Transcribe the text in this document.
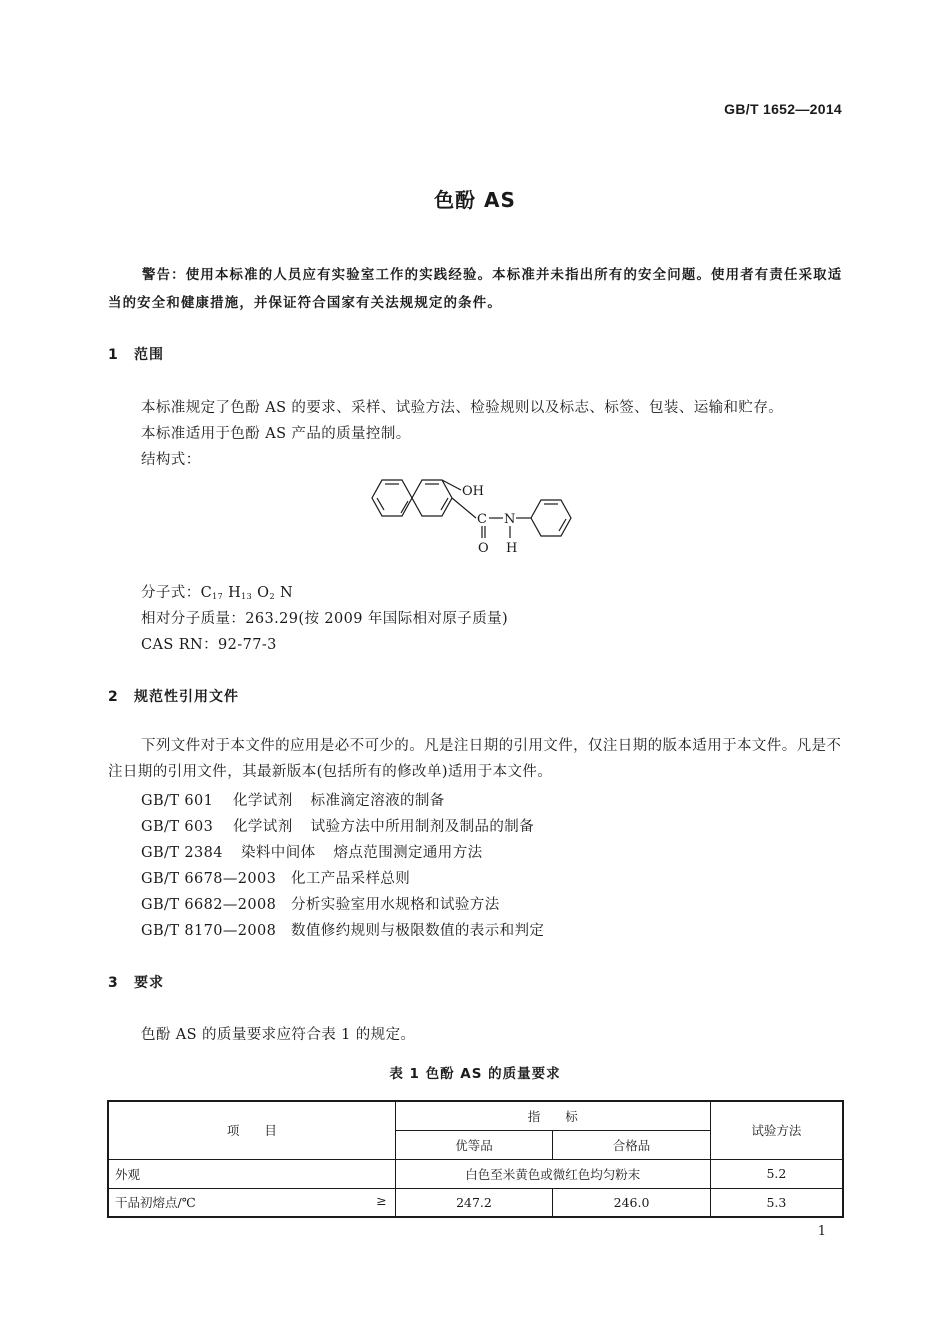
GB/T 1652—2014
色酚 AS
警告：使用本标准的人员应有实验室工作的实践经验。本标准并未指出所有的安全问题。使用者有责任采取适当的安全和健康措施，并保证符合国家有关法规规定的条件。
1 范围
本标准规定了色酚 AS 的要求、采样、试验方法、检验规则以及标志、标签、包装、运输和贮存。
本标准适用于色酚 AS 产品的质量控制。
结构式：
OH
C N
O H
分子式：$C_{17}$ $H_{13}$ $O_2$ N
相对分子质量：263.29(按 2009 年国际相对原子质量)
CAS RN：92-77-3
2 规范性引用文件
下列文件对于本文件的应用是必不可少的。凡是注日期的引用文件，仅注日期的版本适用于本文件。凡是不注日期的引用文件，其最新版本(包括所有的修改单)适用于本文件。
GB/T 601 化学试剂 标准滴定溶液的制备
GB/T 603 化学试剂 试验方法中所用制剂及制品的制备
GB/T 2384 染料中间体 熔点范围测定通用方法
GB/T 6678—2003 化工产品采样总则
GB/T 6682—2008 分析实验室用水规格和试验方法
GB/T 8170—2008 数值修约规则与极限数值的表示和判定
3 要求
色酚 AS 的质量要求应符合表 1 的规定。
表 1 色酚 AS 的质量要求
项　　目	指　　标		试验方法
	优等品	合格品	
外观	白色至米黄色或微红色均匀粉末		5.2
干品初熔点/℃ ≥	247.2	246.0	5.3
1
